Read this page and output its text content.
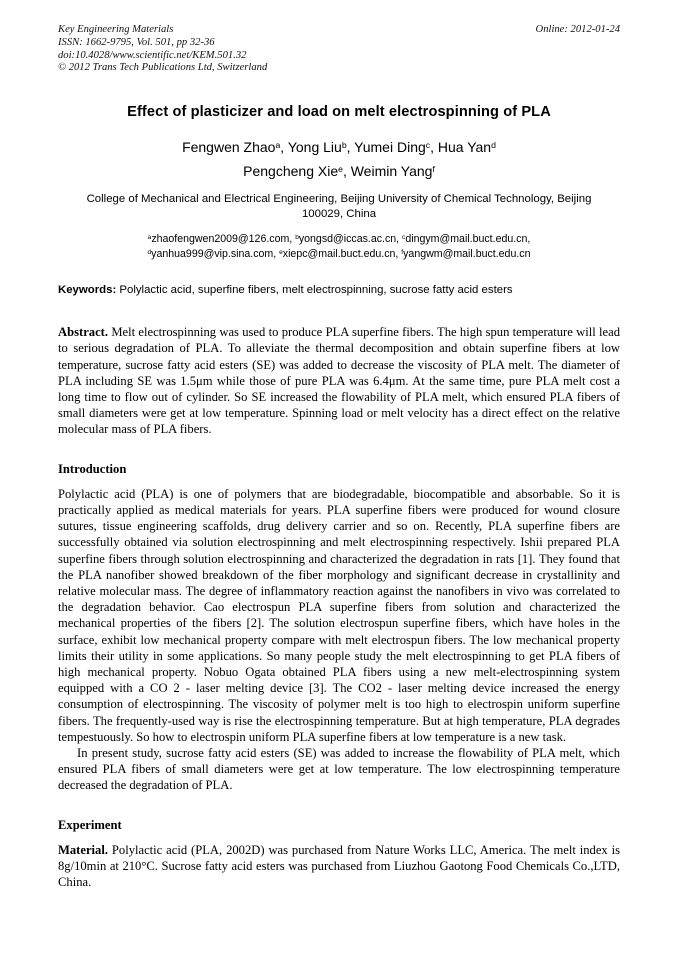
Key Engineering Materials	Online: 2012-01-24
ISSN: 1662-9795, Vol. 501, pp 32-36
doi:10.4028/www.scientific.net/KEM.501.32
© 2012 Trans Tech Publications Ltd, Switzerland
Effect of plasticizer and load on melt electrospinning of PLA
Fengwen Zhao$^a$, Yong Liu$^b$, Yumei Ding$^c$, Hua Yan$^d$
Pengcheng Xie$^e$, Weimin Yang$^f$
College of Mechanical and Electrical Engineering, Beijing University of Chemical Technology, Beijing 100029, China
$^a$zhaofengwen2009@126.com, $^b$yongsd@iccas.ac.cn, $^c$dingym@mail.buct.edu.cn,
$^d$yanhua999@vip.sina.com, $^e$xiepc@mail.buct.edu.cn, $^f$yangwm@mail.buct.edu.cn
Keywords: Polylactic acid, superfine fibers, melt electrospinning, sucrose fatty acid esters
Abstract. Melt electrospinning was used to produce PLA superfine fibers. The high spun temperature will lead to serious degradation of PLA. To alleviate the thermal decomposition and obtain superfine fibers at low temperature, sucrose fatty acid esters (SE) was added to decrease the viscosity of PLA melt. The diameter of PLA including SE was 1.5μm while those of pure PLA was 6.4μm. At the same time, pure PLA melt cost a long time to flow out of cylinder. So SE increased the flowability of PLA melt, which ensured PLA fibers of small diameters were get at low temperature. Spinning load or melt velocity has a direct effect on the relative molecular mass of PLA fibers.
Introduction
Polylactic acid (PLA) is one of polymers that are biodegradable, biocompatible and absorbable. So it is practically applied as medical materials for years. PLA superfine fibers were produced for wound closure sutures, tissue engineering scaffolds, drug delivery carrier and so on. Recently, PLA superfine fibers are successfully obtained via solution electrospinning and melt electrospinning respectively. Ishii prepared PLA superfine fibers through solution electrospinning and characterized the degradation in rats [1]. They found that the PLA nanofiber showed breakdown of the fiber morphology and significant decrease in crystallinity and relative molecular mass. The degree of inflammatory reaction against the nanofibers in vivo was correlated to the degradation behavior. Cao electrospun PLA superfine fibers from solution and characterized the mechanical properties of the fibers [2]. The solution electrospun superfine fibers, which have holes in the surface, exhibit low mechanical property compare with melt electrospun fibers. The low mechanical property limits their utility in some applications. So many people study the melt electrospinning to get PLA fibers of high mechanical property. Nobuo Ogata obtained PLA fibers using a new melt-electrospinning system equipped with a CO 2 - laser melting device [3]. The CO2 - laser melting device increased the energy consumption of electrospinning. The viscosity of polymer melt is too high to electrospin uniform superfine fibers. The frequently-used way is rise the electrospinning temperature. But at high temperature, PLA degrades tempestuously. So how to electrospin uniform PLA superfine fibers at low temperature is a new task.
In present study, sucrose fatty acid esters (SE) was added to increase the flowability of PLA melt, which ensured PLA fibers of small diameters were get at low temperature. The low electrospinning temperature decreased the degradation of PLA.
Experiment
Material. Polylactic acid (PLA, 2002D) was purchased from Nature Works LLC, America. The melt index is 8g/10min at 210°C. Sucrose fatty acid esters was purchased from Liuzhou Gaotong Food Chemicals Co.,LTD, China.
